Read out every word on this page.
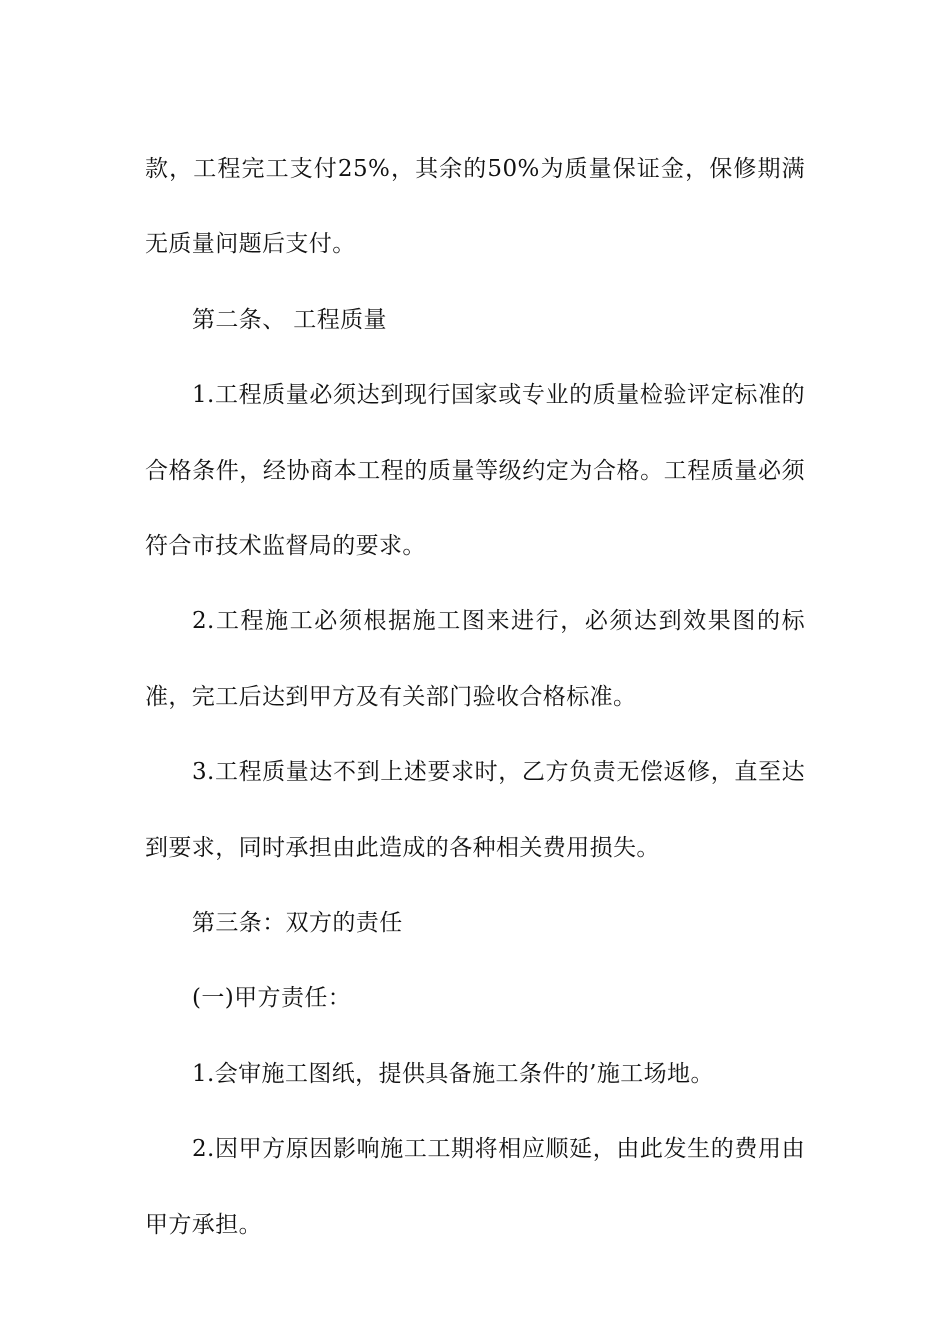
款，工程完工支付25%，其余的50%为质量保证金，保修期满无质量问题后支付。

第二条、 工程质量

1.工程质量必须达到现行国家或专业的质量检验评定标准的合格条件，经协商本工程的质量等级约定为合格。工程质量必须符合市技术监督局的要求。

2.工程施工必须根据施工图来进行，必须达到效果图的标准，完工后达到甲方及有关部门验收合格标准。

3.工程质量达不到上述要求时，乙方负责无偿返修，直至达到要求，同时承担由此造成的各种相关费用损失。

第三条：双方的责任

(一)甲方责任：

1.会审施工图纸，提供具备施工条件的’施工场地。

2.因甲方原因影响施工工期将相应顺延，由此发生的费用由甲方承担。
